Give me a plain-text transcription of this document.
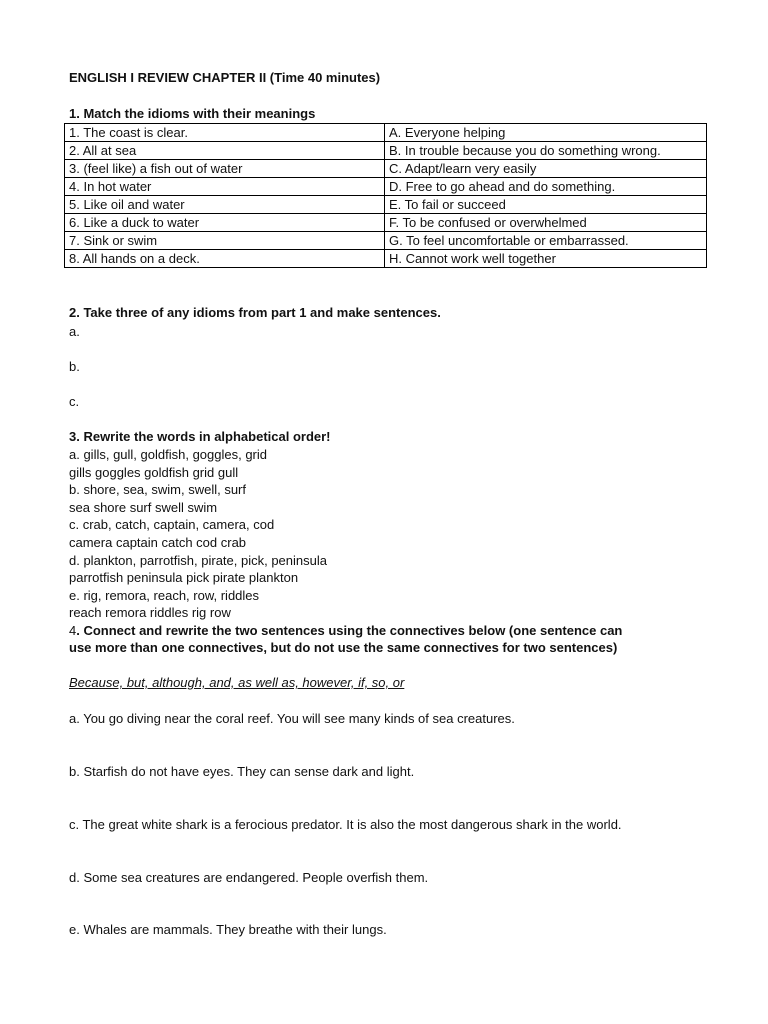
ENGLISH I REVIEW CHAPTER II (Time 40 minutes)
1. Match the idioms with their meanings
1. The coast is clear.	A. Everyone helping
2. All at sea	B. In trouble because you do something wrong.
3. (feel like) a fish out of water	C. Adapt/learn very easily
4. In hot water	D. Free to go ahead and do something.
5. Like oil and water	E. To fail or succeed
6. Like a duck to water	F. To be confused or overwhelmed
7. Sink or swim	G. To feel uncomfortable or embarrassed.
8. All hands on a deck.	H. Cannot work well together
2. Take three of any idioms from part 1 and make sentences.
a.
b.
c.
3. Rewrite the words in alphabetical order!
a. gills, gull, goldfish, goggles, grid
gills goggles goldfish grid gull
b. shore, sea, swim, swell, surf
sea shore surf swell swim
c. crab, catch, captain, camera, cod
camera captain catch cod crab
d. plankton, parrotfish, pirate, pick, peninsula
parrotfish peninsula pick pirate plankton
e. rig, remora, reach, row, riddles
reach remora riddles rig row
4. Connect and rewrite the two sentences using the connectives below (one sentence can
use more than one connectives, but do not use the same connectives for two sentences)
Because, but, although, and, as well as, however, if, so, or
a. You go diving near the coral reef. You will see many kinds of sea creatures.
b. Starfish do not have eyes. They can sense dark and light.
c. The great white shark is a ferocious predator. It is also the most dangerous shark in the world.
d. Some sea creatures are endangered. People overfish them.
e. Whales are mammals. They breathe with their lungs.
